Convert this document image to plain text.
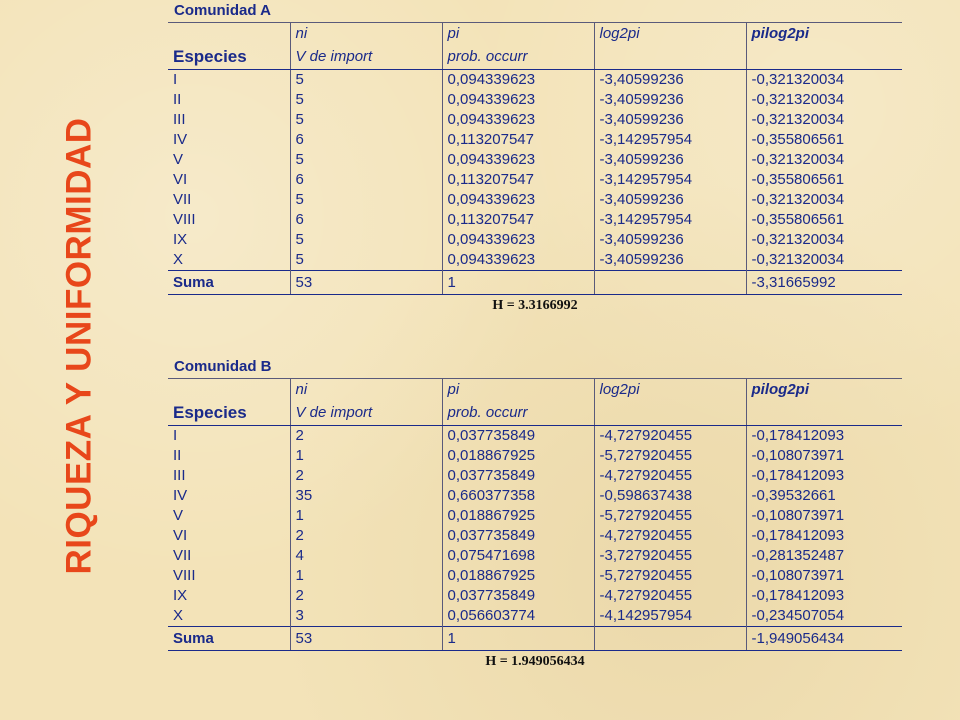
RIQUEZA Y UNIFORMIDAD
Comunidad A
	ni	pi	log2pi	pilog2pi
Especies	V de import	prob. occurr		
I	5	0,094339623	-3,40599236	-0,321320034
II	5	0,094339623	-3,40599236	-0,321320034
III	5	0,094339623	-3,40599236	-0,321320034
IV	6	0,113207547	-3,142957954	-0,355806561
V	5	0,094339623	-3,40599236	-0,321320034
VI	6	0,113207547	-3,142957954	-0,355806561
VII	5	0,094339623	-3,40599236	-0,321320034
VIII	6	0,113207547	-3,142957954	-0,355806561
IX	5	0,094339623	-3,40599236	-0,321320034
X	5	0,094339623	-3,40599236	-0,321320034
Suma	53	1		-3,31665992
H = 3.3166992
Comunidad B
	ni	pi	log2pi	pilog2pi
Especies	V de import	prob. occurr		
I	2	0,037735849	-4,727920455	-0,178412093
II	1	0,018867925	-5,727920455	-0,108073971
III	2	0,037735849	-4,727920455	-0,178412093
IV	35	0,660377358	-0,598637438	-0,39532661
V	1	0,018867925	-5,727920455	-0,108073971
VI	2	0,037735849	-4,727920455	-0,178412093
VII	4	0,075471698	-3,727920455	-0,281352487
VIII	1	0,018867925	-5,727920455	-0,108073971
IX	2	0,037735849	-4,727920455	-0,178412093
X	3	0,056603774	-4,142957954	-0,234507054
Suma	53	1		-1,949056434
H = 1.949056434
